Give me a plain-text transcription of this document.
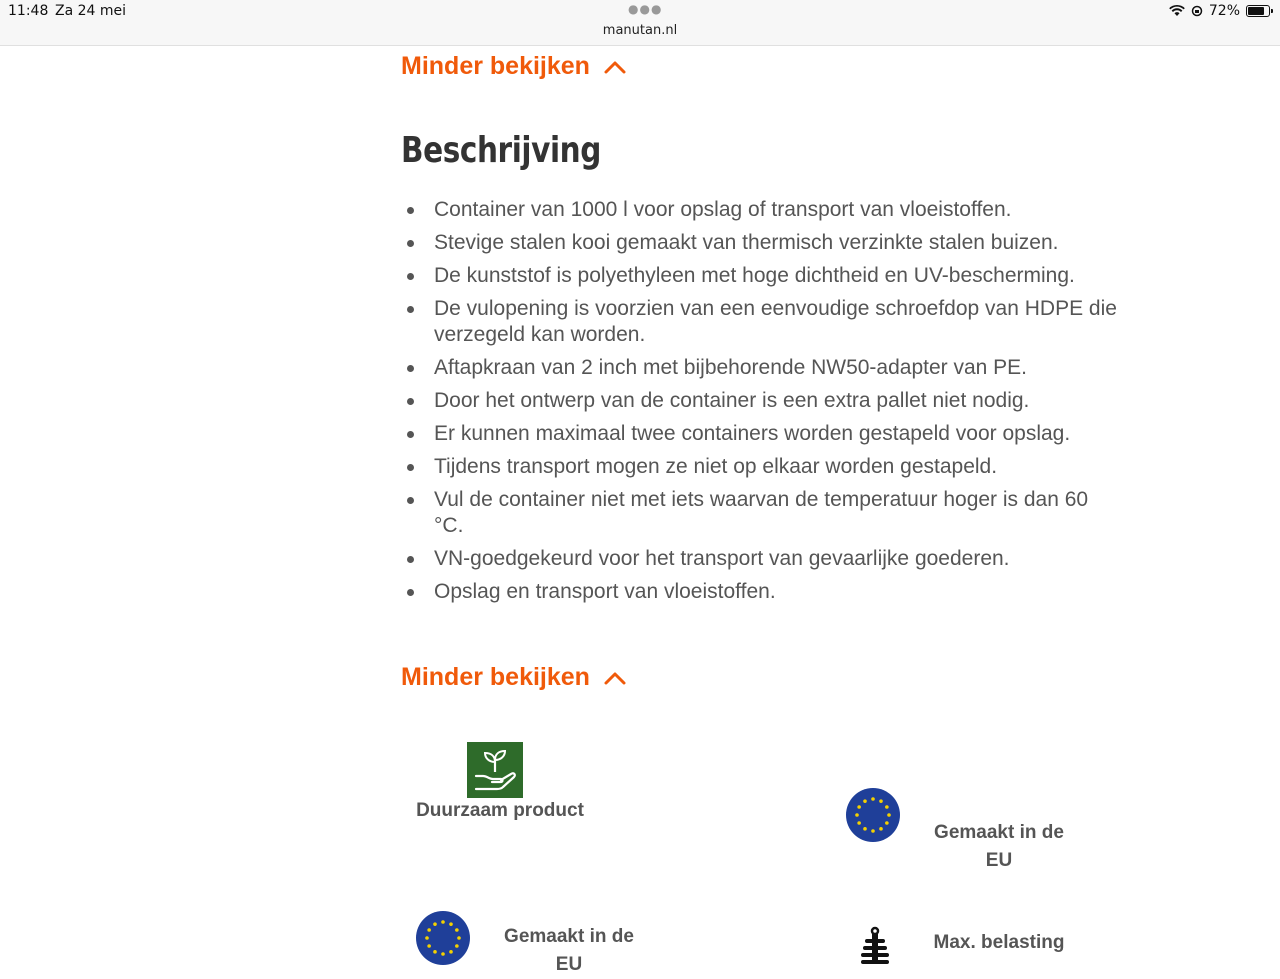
11:48 Za 24 mei	●●●
manutan.nl
72%
Minder bekijken
Beschrijving
Container van 1000 l voor opslag of transport van vloeistoffen.
Stevige stalen kooi gemaakt van thermisch verzinkte stalen buizen.
De kunststof is polyethyleen met hoge dichtheid en UV-bescherming.
De vulopening is voorzien van een eenvoudige schroefdop van HDPE die verzegeld kan worden.
Aftapkraan van 2 inch met bijbehorende NW50-adapter van PE.
Door het ontwerp van de container is een extra pallet niet nodig.
Er kunnen maximaal twee containers worden gestapeld voor opslag.
Tijdens transport mogen ze niet op elkaar worden gestapeld.
Vul de container niet met iets waarvan de temperatuur hoger is dan 60 °C.
VN-goedgekeurd voor het transport van gevaarlijke goederen.
Opslag en transport van vloeistoffen.
Minder bekijken
Duurzaam product
Gemaakt in de
EU
Gemaakt in de
EU
Max. belasting
